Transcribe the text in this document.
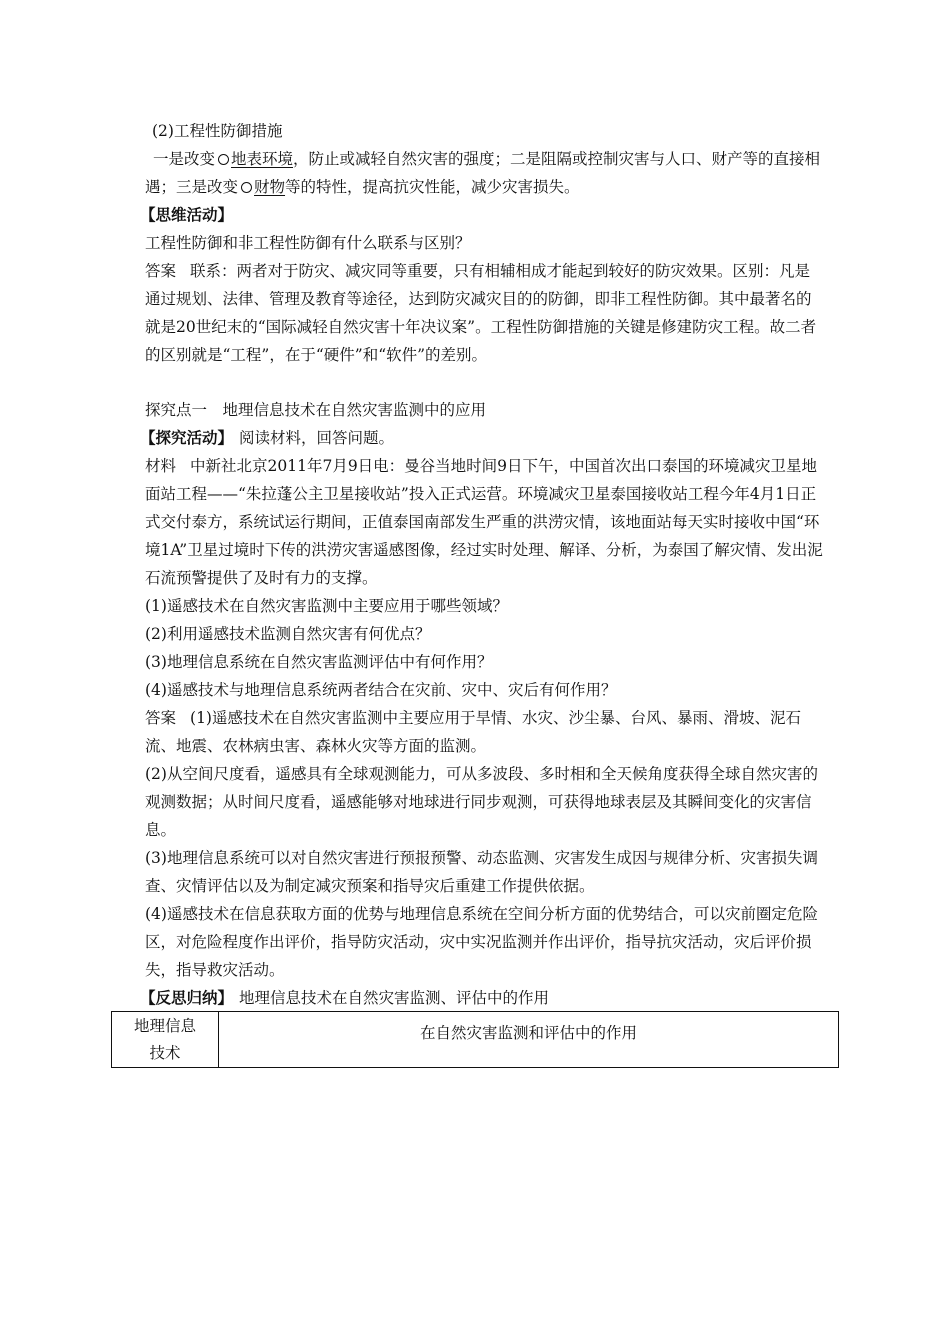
(2)工程性防御措施
一是改变 地表环境，防止或减轻自然灾害的强度；二是阻隔或控制灾害与人口、财产等的直接相遇；三是改变 财物等的特性，提高抗灾性能，减少灾害损失。
【思维活动】
工程性防御和非工程性防御有什么联系与区别？
答案 联系：两者对于防灾、减灾同等重要，只有相辅相成才能起到较好的防灾效果。区别：凡是通过规划、法律、管理及教育等途径，达到防灾减灾目的的防御，即非工程性防御。其中最著名的就是20世纪末的“国际减轻自然灾害十年决议案”。工程性防御措施的关键是修建防灾工程。故二者的区别就是“工程”，在于“硬件”和“软件”的差别。
探究点一　地理信息技术在自然灾害监测中的应用
【探究活动】 阅读材料，回答问题。
材料 中新社北京2011年7月9日电：曼谷当地时间9日下午，中国首次出口泰国的环境减灾卫星地面站工程——“朱拉蓬公主卫星接收站”投入正式运营。环境减灾卫星泰国接收站工程今年4月1日正式交付泰方，系统试运行期间，正值泰国南部发生严重的洪涝灾情，该地面站每天实时接收中国“环境1A”卫星过境时下传的洪涝灾害遥感图像，经过实时处理、解译、分析，为泰国了解灾情、发出泥石流预警提供了及时有力的支撑。
(1)遥感技术在自然灾害监测中主要应用于哪些领域？
(2)利用遥感技术监测自然灾害有何优点？
(3)地理信息系统在自然灾害监测评估中有何作用？
(4)遥感技术与地理信息系统两者结合在灾前、灾中、灾后有何作用？
答案 (1)遥感技术在自然灾害监测中主要应用于旱情、水灾、沙尘暴、台风、暴雨、滑坡、泥石流、地震、农林病虫害、森林火灾等方面的监测。
(2)从空间尺度看，遥感具有全球观测能力，可从多波段、多时相和全天候角度获得全球自然灾害的观测数据；从时间尺度看，遥感能够对地球进行同步观测，可获得地球表层及其瞬间变化的灾害信息。
(3)地理信息系统可以对自然灾害进行预报预警、动态监测、灾害发生成因与规律分析、灾害损失调查、灾情评估以及为制定减灾预案和指导灾后重建工作提供依据。
(4)遥感技术在信息获取方面的优势与地理信息系统在空间分析方面的优势结合，可以灾前圈定危险区，对危险程度作出评价，指导防灾活动，灾中实况监测并作出评价，指导抗灾活动，灾后评价损失，指导救灾活动。
【反思归纳】 地理信息技术在自然灾害监测、评估中的作用
地理信息
技术
	在自然灾害监测和评估中的作用
